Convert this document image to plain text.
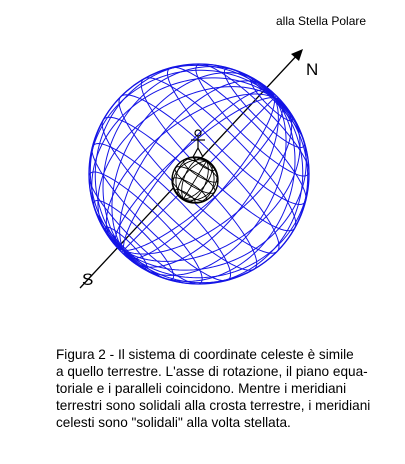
alla Stella Polare
N
S
Figura 2 - Il sistema di coordinate celeste è simile
a quello terrestre. L'asse di rotazione, il piano equa-
toriale e i paralleli coincidono. Mentre i meridiani
terrestri sono solidali alla crosta terrestre, i meridiani
celesti sono "solidali" alla volta stellata.
